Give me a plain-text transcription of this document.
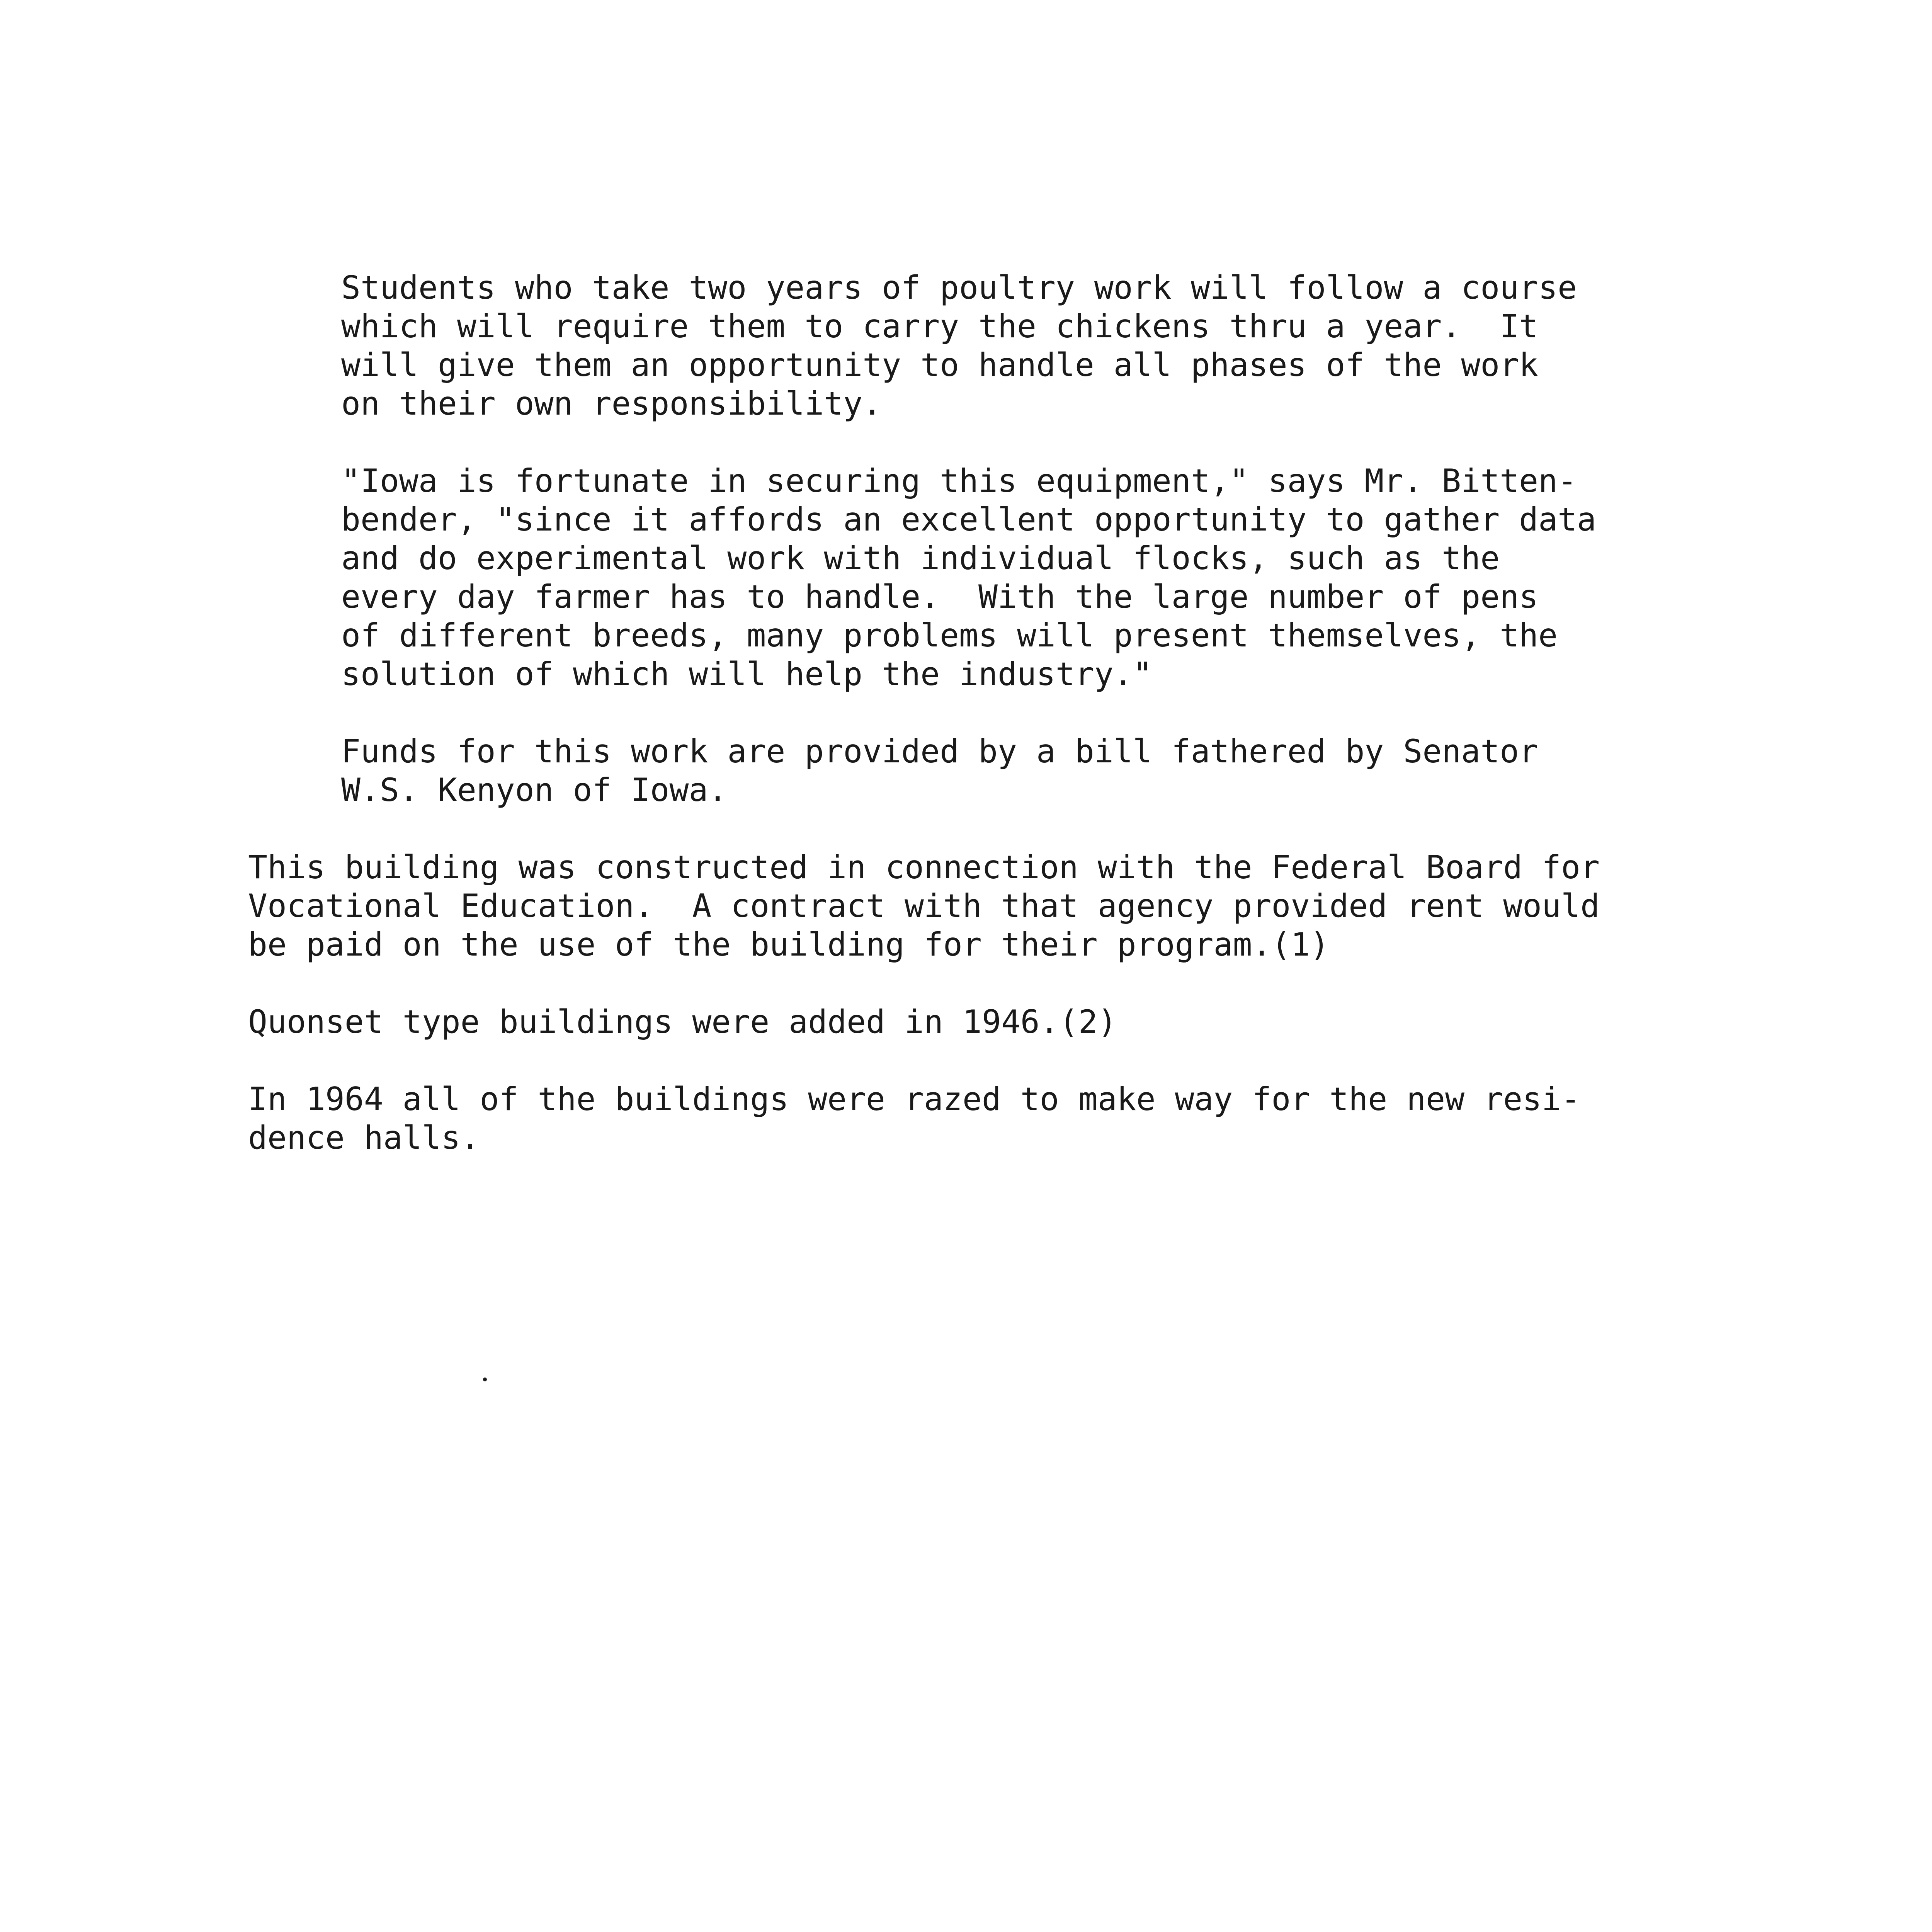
Students who take two years of poultry work will follow a course
which will require them to carry the chickens thru a year.  It
will give them an opportunity to handle all phases of the work
on their own responsibility.
"Iowa is fortunate in securing this equipment," says Mr. Bitten-
bender, "since it affords an excellent opportunity to gather data
and do experimental work with individual flocks, such as the
every day farmer has to handle.  With the large number of pens
of different breeds, many problems will present themselves, the
solution of which will help the industry."
Funds for this work are provided by a bill fathered by Senator
W.S. Kenyon of Iowa.
This building was constructed in connection with the Federal Board for
Vocational Education.  A contract with that agency provided rent would
be paid on the use of the building for their program.(1)
Quonset type buildings were added in 1946.(2)
In 1964 all of the buildings were razed to make way for the new resi-
dence halls.
